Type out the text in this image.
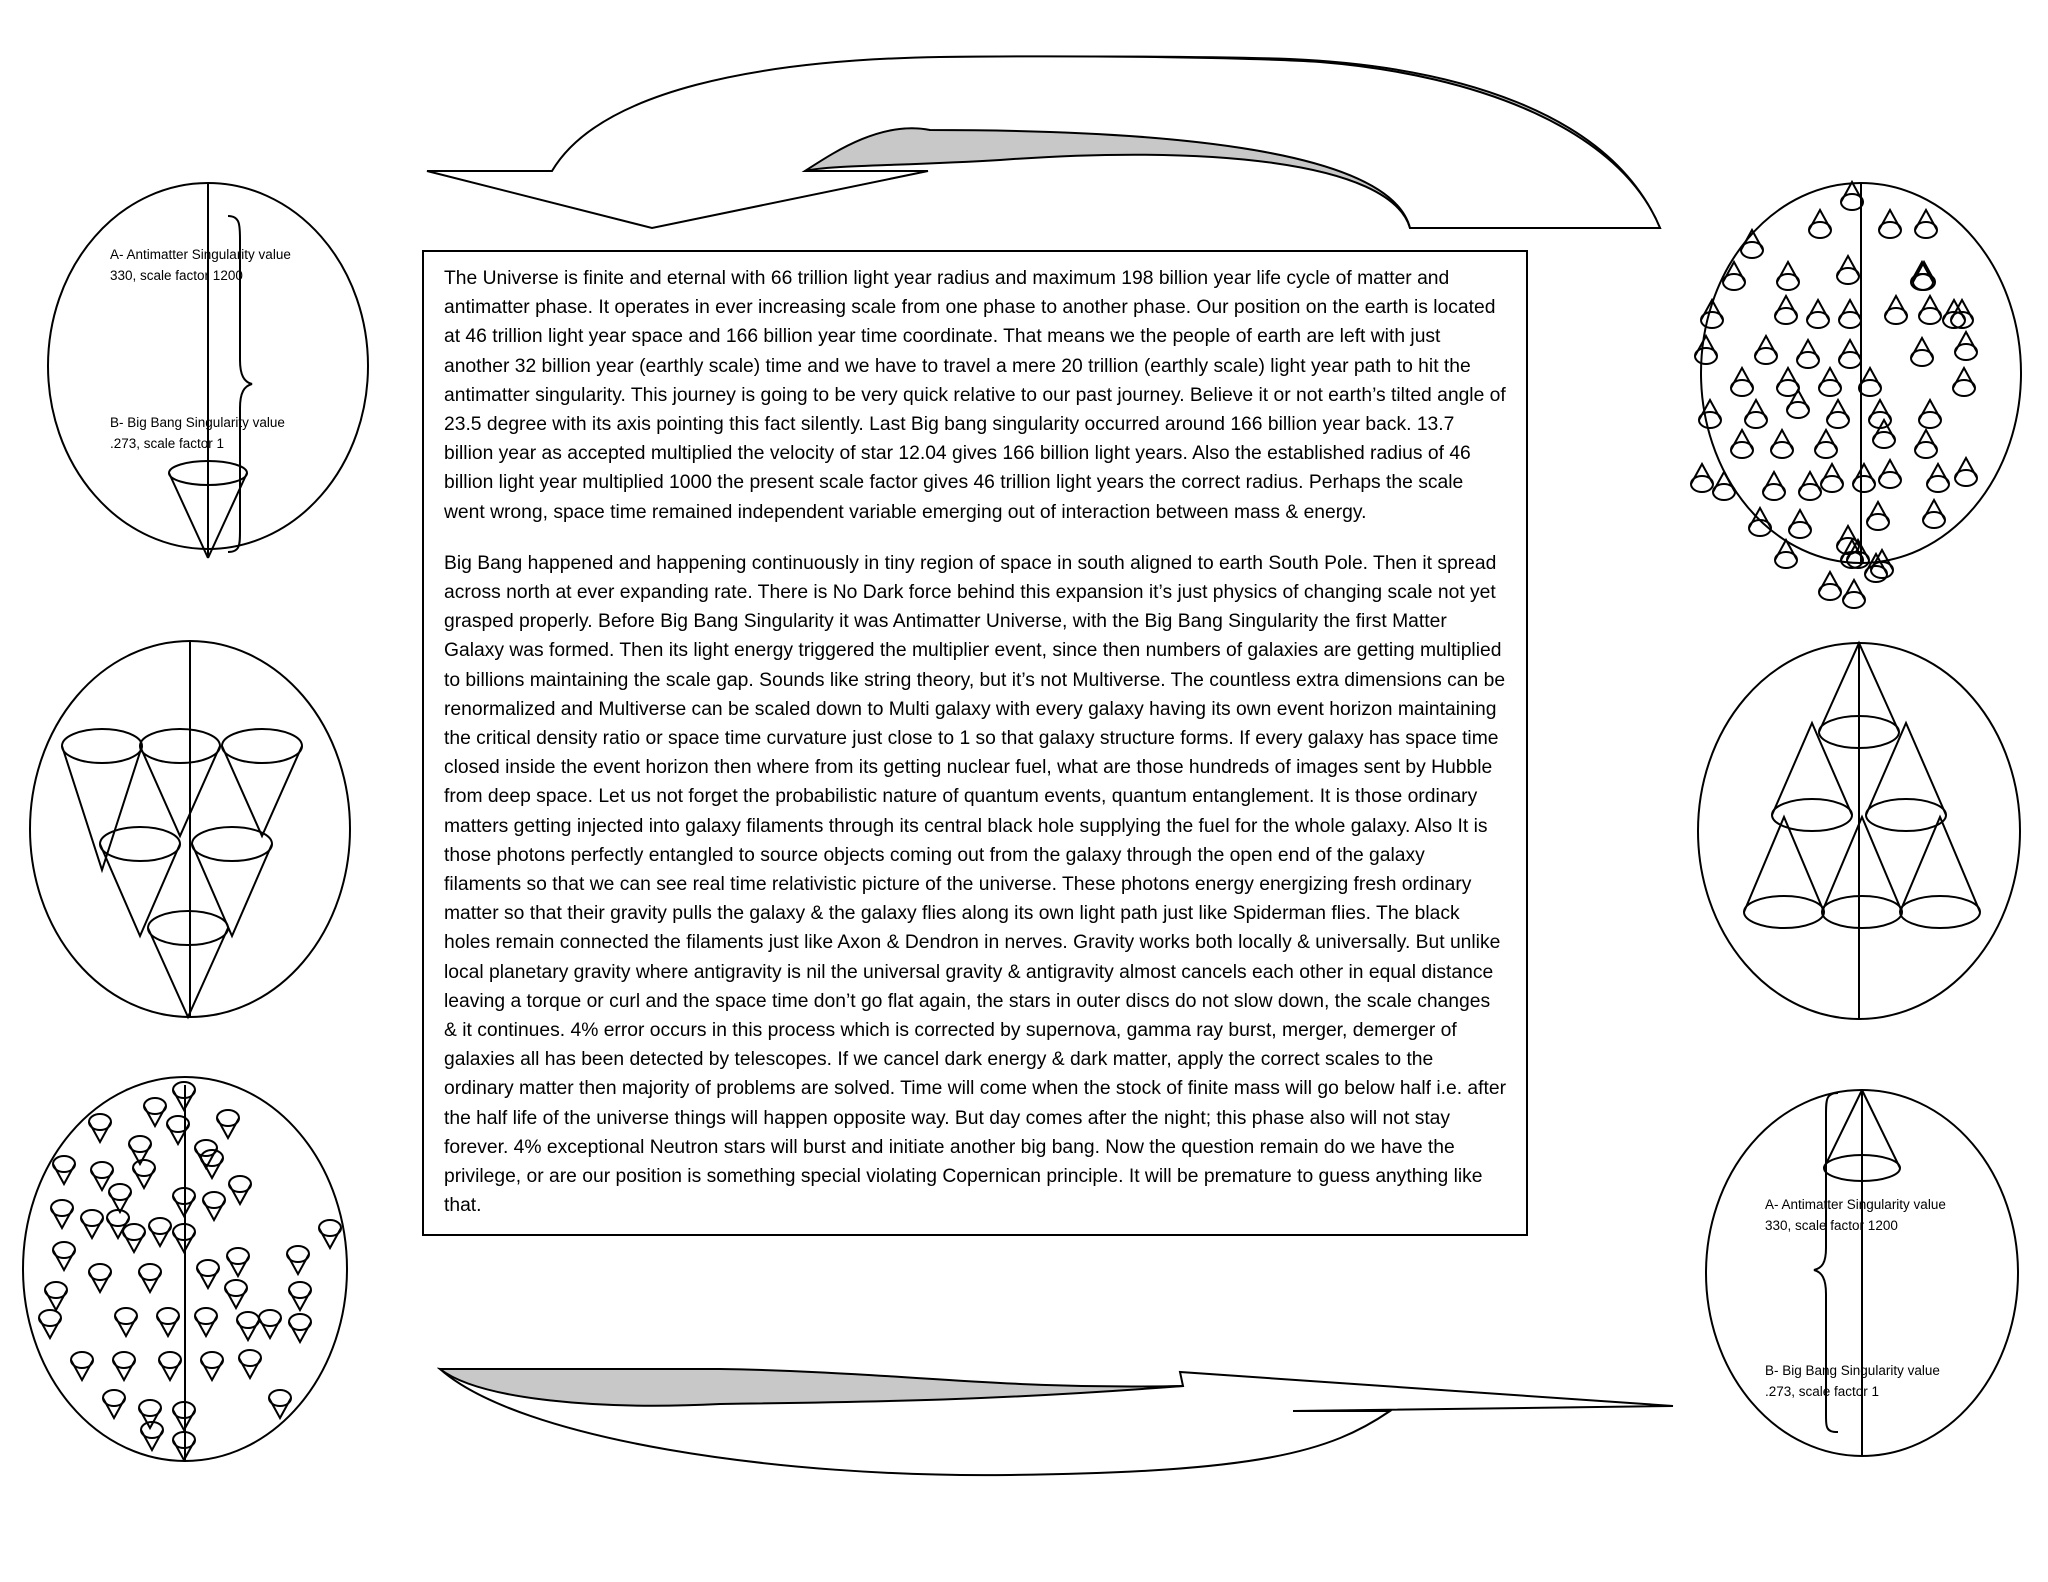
A- Antimatter Singularity value
330, scale factor 1200
B- Big Bang Singularity value
.273, scale factor 1
A- Antimatter Singularity value
330, scale factor 1200
B- Big Bang Singularity value
.273, scale factor 1

The Universe is finite and eternal with 66 trillion light year radius and maximum 198 billion year life cycle of matter and antimatter phase. It operates in ever increasing scale from one phase to another phase. Our position on the earth is located at 46 trillion light year space and 166 billion year time coordinate. That means we the people of earth are left with just another 32 billion year (earthly scale) time and we have to travel a mere 20 trillion (earthly scale) light year path to hit the antimatter singularity. This journey is going to be very quick relative to our past journey. Believe it or not earth’s tilted angle of 23.5 degree with its axis pointing this fact silently. Last Big bang singularity occurred around 166 billion year back. 13.7 billion year as accepted multiplied the velocity of star 12.04 gives 166 billion light years. Also the established radius of 46 billion light year multiplied 1000 the present scale factor gives 46 trillion light years the correct radius. Perhaps the scale went wrong, space time remained independent variable emerging out of interaction between mass & energy.

Big Bang happened and happening continuously in tiny region of space in south aligned to earth South Pole. Then it spread across north at ever expanding rate. There is No Dark force behind this expansion it’s just physics of changing scale not yet grasped properly. Before Big Bang Singularity it was Antimatter Universe, with the Big Bang Singularity the first Matter Galaxy was formed. Then its light energy triggered the multiplier event, since then numbers of galaxies are getting multiplied to billions maintaining the scale gap. Sounds like string theory, but it’s not Multiverse. The countless extra dimensions can be renormalized and Multiverse can be scaled down to Multi galaxy with every galaxy having its own event horizon maintaining the critical density ratio or space time curvature just close to 1 so that galaxy structure forms. If every galaxy has space time closed inside the event horizon then where from its getting nuclear fuel, what are those hundreds of images sent by Hubble from deep space. Let us not forget the probabilistic nature of quantum events, quantum entanglement. It is those ordinary matters getting injected into galaxy filaments through its central black hole supplying the fuel for the whole galaxy. Also It is those photons perfectly entangled to source objects coming out from the galaxy through the open end of the galaxy filaments so that we can see real time relativistic picture of the universe. These photons energy energizing fresh ordinary matter so that their gravity pulls the galaxy & the galaxy flies along its own light path just like Spiderman flies. The black holes remain connected the filaments just like Axon & Dendron in nerves. Gravity works both locally & universally. But unlike local planetary gravity where antigravity is nil the universal gravity & antigravity almost cancels each other in equal distance leaving a torque or curl and the space time don’t go flat again, the stars in outer discs do not slow down, the scale changes & it continues. 4% error occurs in this process which is corrected by supernova, gamma ray burst, merger, demerger of galaxies all has been detected by telescopes. If we cancel dark energy & dark matter, apply the correct scales to the ordinary matter then majority of problems are solved. Time will come when the stock of finite mass will go below half i.e. after the half life of the universe things will happen opposite way. But day comes after the night; this phase also will not stay forever. 4% exceptional Neutron stars will burst and initiate another big bang. Now the question remain do we have the privilege, or are our position is something special violating Copernican principle. It will be premature to guess anything like that.
